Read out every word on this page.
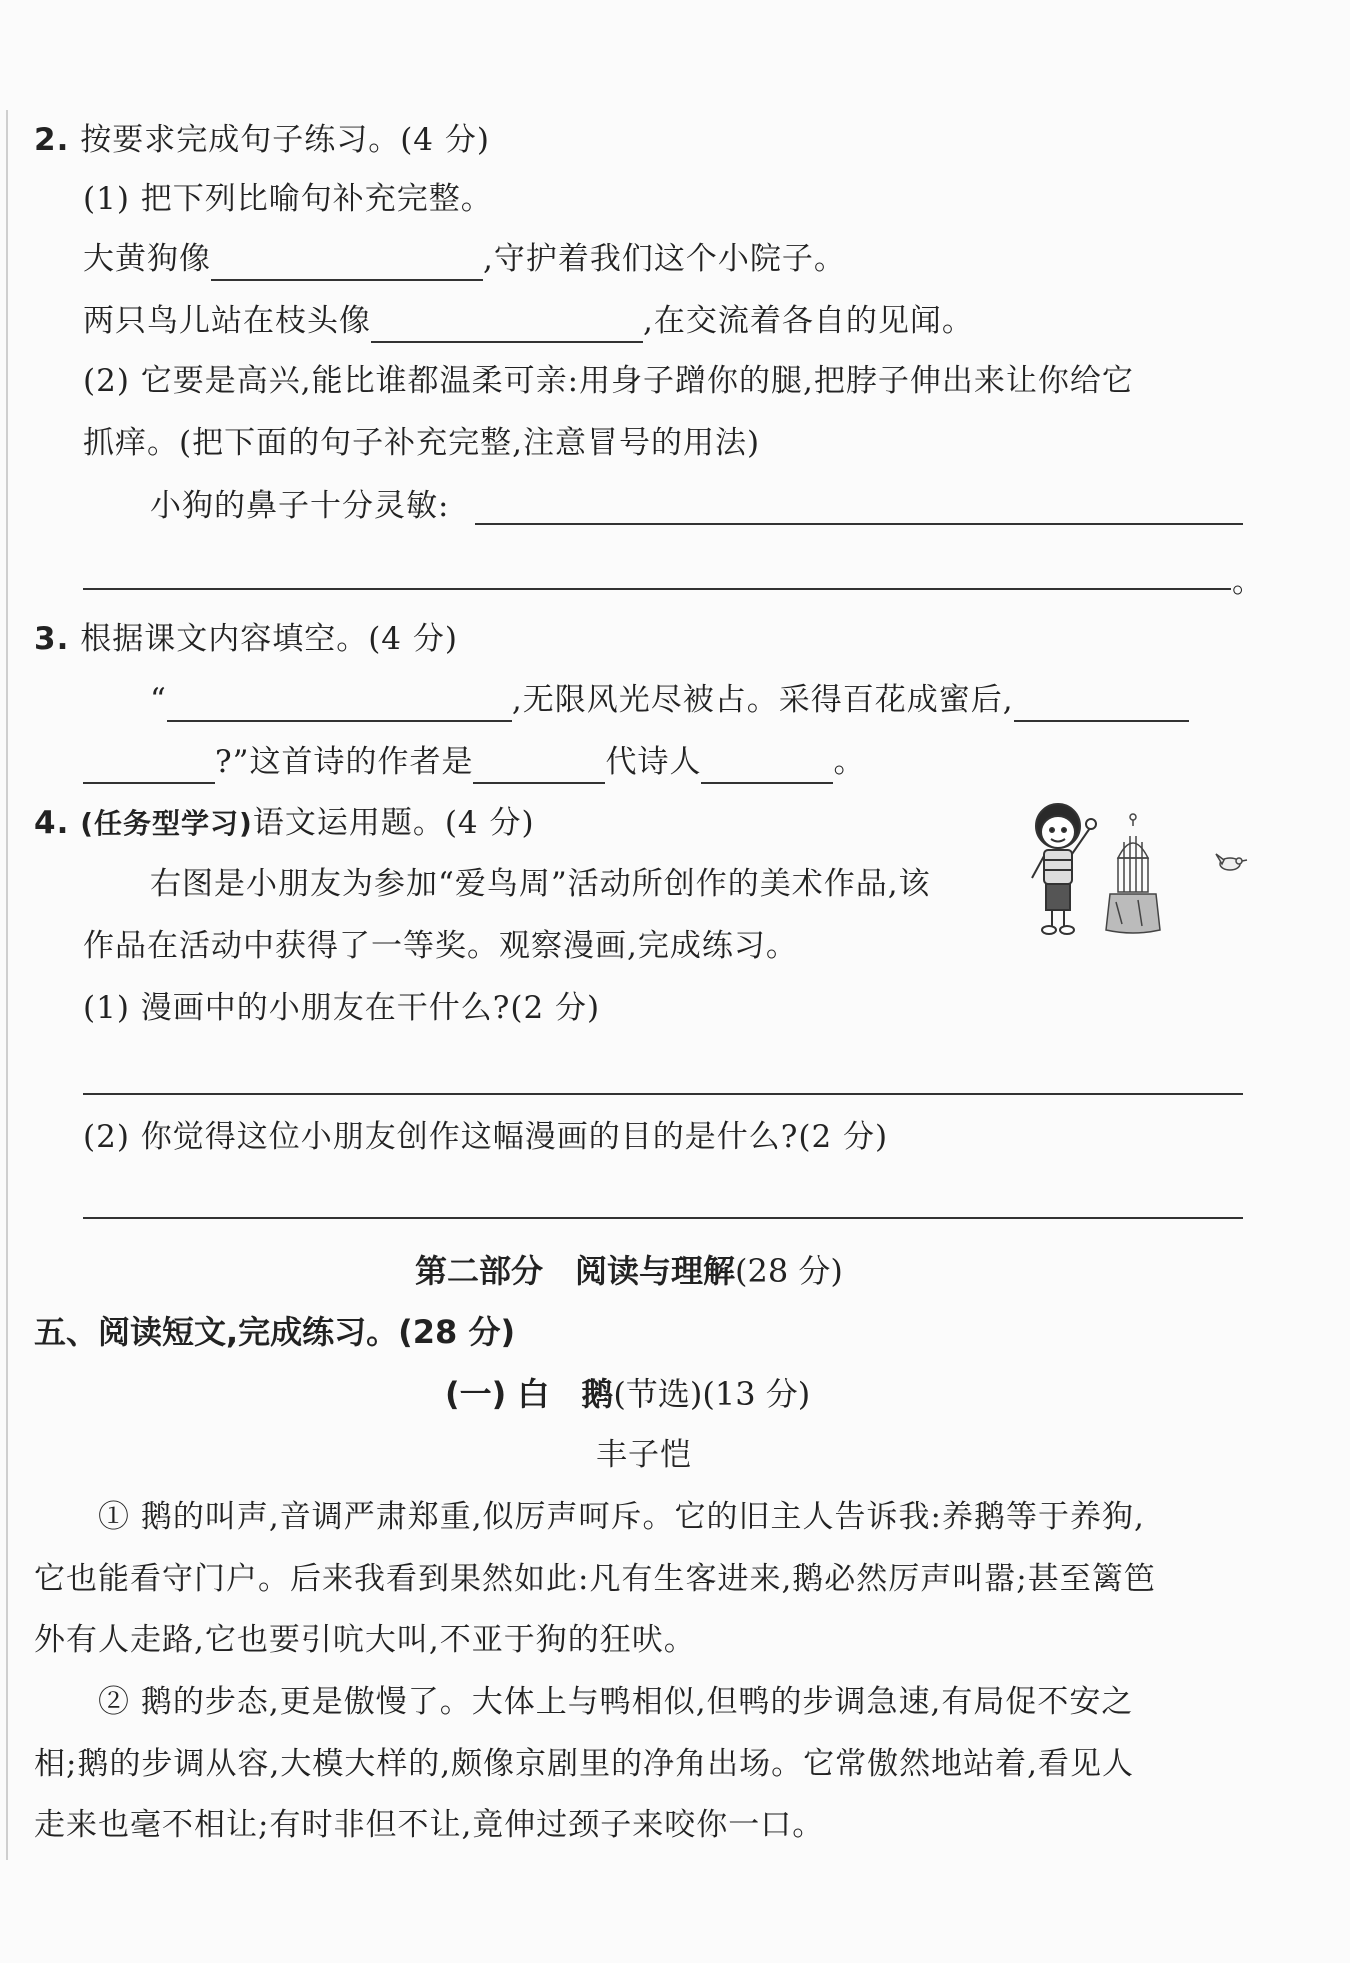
2. 按要求完成句子练习。(4 分)
(1) 把下列比喻句补充完整。
大黄狗像	,守护着我们这个小院子。
两只鸟儿站在枝头像	,在交流着各自的见闻。
(2) 它要是高兴,能比谁都温柔可亲:用身子蹭你的腿,把脖子伸出来让你给它
抓痒。(把下面的句子补充完整,注意冒号的用法)
小狗的鼻子十分灵敏:
。
3. 根据课文内容填空。(4 分)
“	,无限风光尽被占。采得百花成蜜后,
?”这首诗的作者是	代诗人	。
4. (任务型学习)语文运用题。(4 分)
右图是小朋友为参加“爱鸟周”活动所创作的美术作品,该
作品在活动中获得了一等奖。观察漫画,完成练习。
(1) 漫画中的小朋友在干什么?(2 分)
(2) 你觉得这位小朋友创作这幅漫画的目的是什么?(2 分)
第二部分　阅读与理解(28 分)
五、阅读短文,完成练习。(28 分)
(一) 白　鹅(节选)(13 分)
丰子恺
① 鹅的叫声,音调严肃郑重,似厉声呵斥。它的旧主人告诉我:养鹅等于养狗,
它也能看守门户。后来我看到果然如此:凡有生客进来,鹅必然厉声叫嚣;甚至篱笆
外有人走路,它也要引吭大叫,不亚于狗的狂吠。
② 鹅的步态,更是傲慢了。大体上与鸭相似,但鸭的步调急速,有局促不安之
相;鹅的步调从容,大模大样的,颇像京剧里的净角出场。它常傲然地站着,看见人
走来也毫不相让;有时非但不让,竟伸过颈子来咬你一口。
